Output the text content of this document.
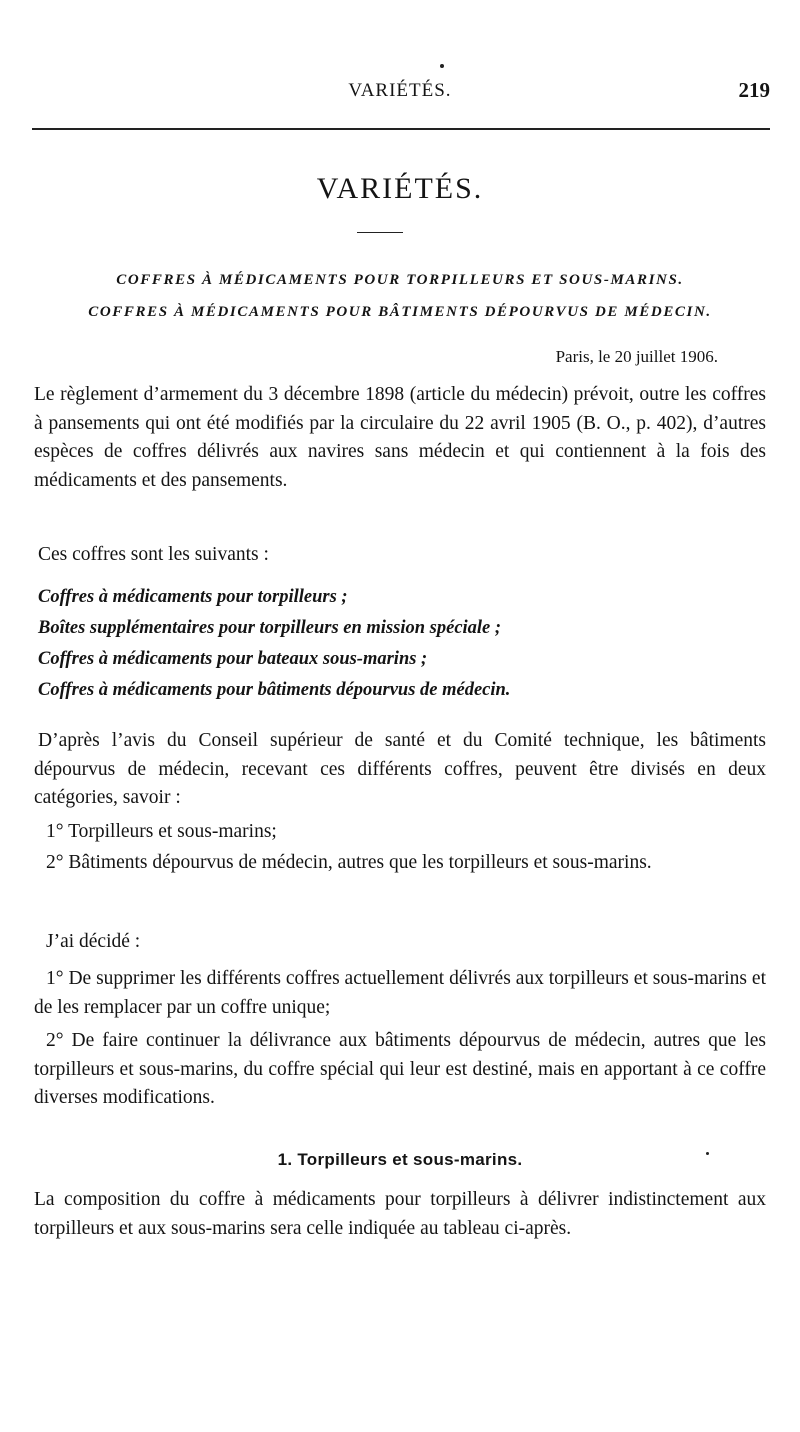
VARIÉTÉS.	219
VARIÉTÉS.
COFFRES À MÉDICAMENTS POUR TORPILLEURS ET SOUS-MARINS.
COFFRES À MÉDICAMENTS POUR BÂTIMENTS DÉPOURVUS DE MÉDECIN.
Paris, le 20 juillet 1906.
Le règlement d’armement du 3 décembre 1898 (article du médecin) prévoit, outre les coffres à pansements qui ont été modifiés par la circulaire du 22 avril 1905 (B. O., p. 402), d’autres espèces de coffres délivrés aux navires sans médecin et qui contiennent à la fois des médicaments et des pansements.
Ces coffres sont les suivants :
Coffres à médicaments pour torpilleurs ;
Boîtes supplémentaires pour torpilleurs en mission spéciale ;
Coffres à médicaments pour bateaux sous-marins ;
Coffres à médicaments pour bâtiments dépourvus de médecin.
D’après l’avis du Conseil supérieur de santé et du Comité technique, les bâtiments dépourvus de médecin, recevant ces différents coffres, peuvent être divisés en deux catégories, savoir :
1° Torpilleurs et sous-marins;
2° Bâtiments dépourvus de médecin, autres que les torpilleurs et sous-marins.
J’ai décidé :
1° De supprimer les différents coffres actuellement délivrés aux torpilleurs et sous-marins et de les remplacer par un coffre unique;
2° De faire continuer la délivrance aux bâtiments dépourvus de médecin, autres que les torpilleurs et sous-marins, du coffre spécial qui leur est destiné, mais en apportant à ce coffre diverses modifications.
1. Torpilleurs et sous-marins.
La composition du coffre à médicaments pour torpilleurs à délivrer indistinctement aux torpilleurs et aux sous-marins sera celle indiquée au tableau ci-après.
